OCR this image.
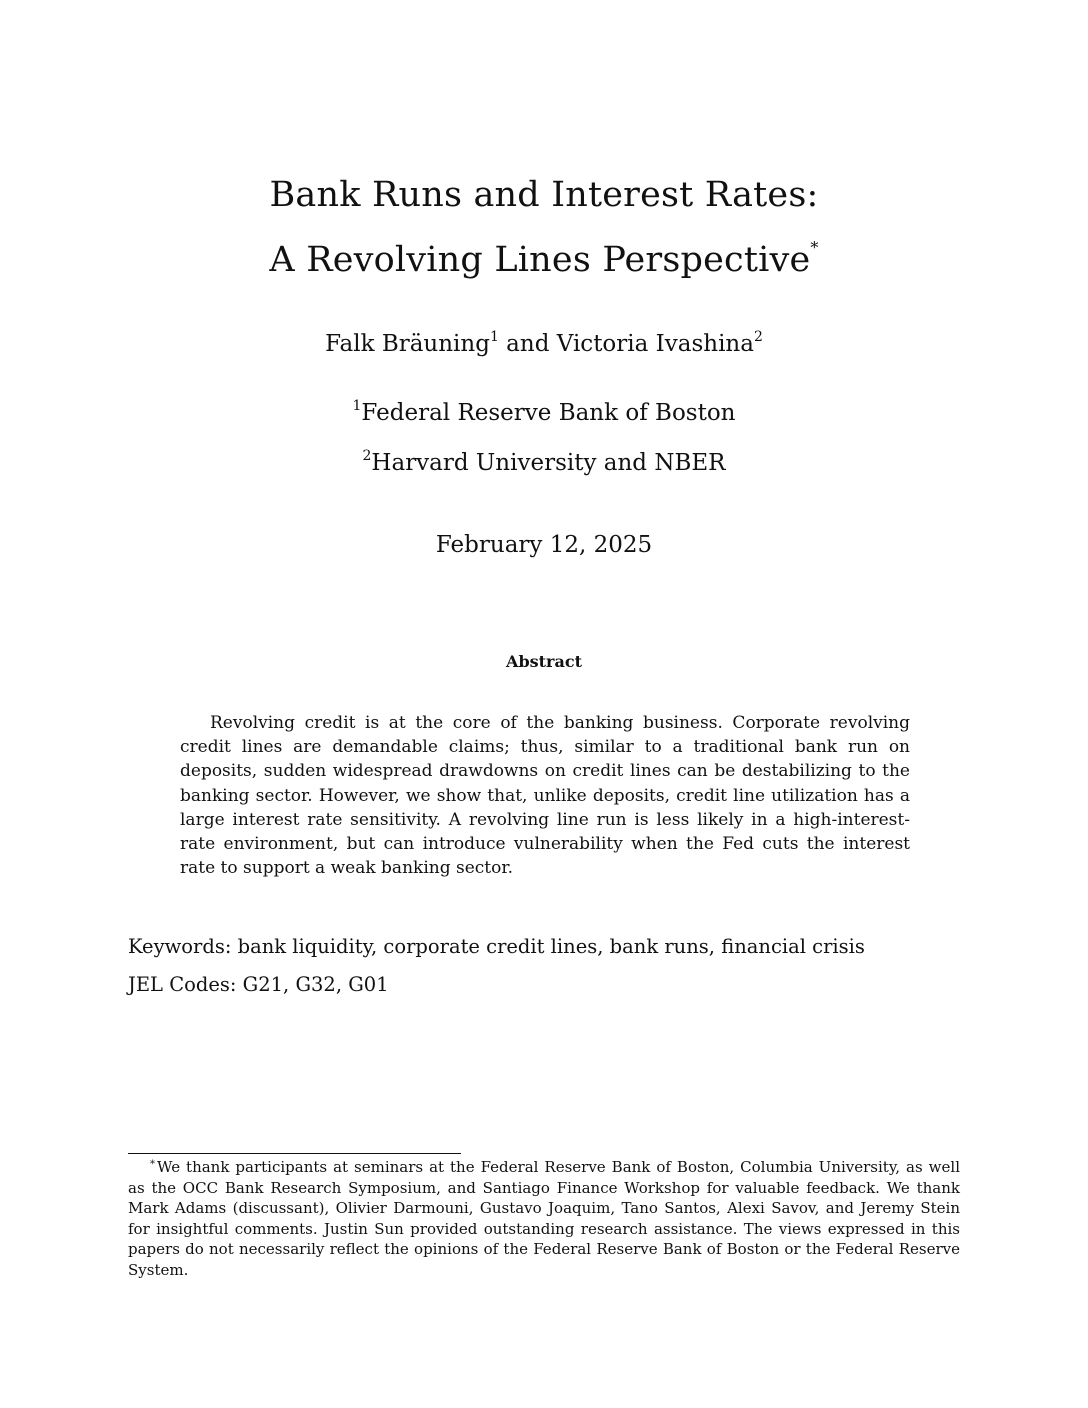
Bank Runs and Interest Rates:
A Revolving Lines Perspective*
Falk Bräuning$^1$ and Victoria Ivashina$^2$
$^1$Federal Reserve Bank of Boston
$^2$Harvard University and NBER
February 12, 2025
Abstract
Revolving credit is at the core of the banking business. Corporate revolving credit lines are demandable claims; thus, similar to a traditional bank run on deposits, sudden widespread drawdowns on credit lines can be destabilizing to the banking sector. However, we show that, unlike deposits, credit line utilization has a large interest rate sensitivity. A revolving line run is less likely in a high-interest-rate environment, but can introduce vulnerability when the Fed cuts the interest rate to support a weak banking sector.
Keywords: bank liquidity, corporate credit lines, bank runs, financial crisis
JEL Codes: G21, G32, G01
* We thank participants at seminars at the Federal Reserve Bank of Boston, Columbia University, as well as the OCC Bank Research Symposium, and Santiago Finance Workshop for valuable feedback. We thank Mark Adams (discussant), Olivier Darmouni, Gustavo Joaquim, Tano Santos, Alexi Savov, and Jeremy Stein for insightful comments. Justin Sun provided outstanding research assistance. The views expressed in this papers do not necessarily reflect the opinions of the Federal Reserve Bank of Boston or the Federal Reserve System.
